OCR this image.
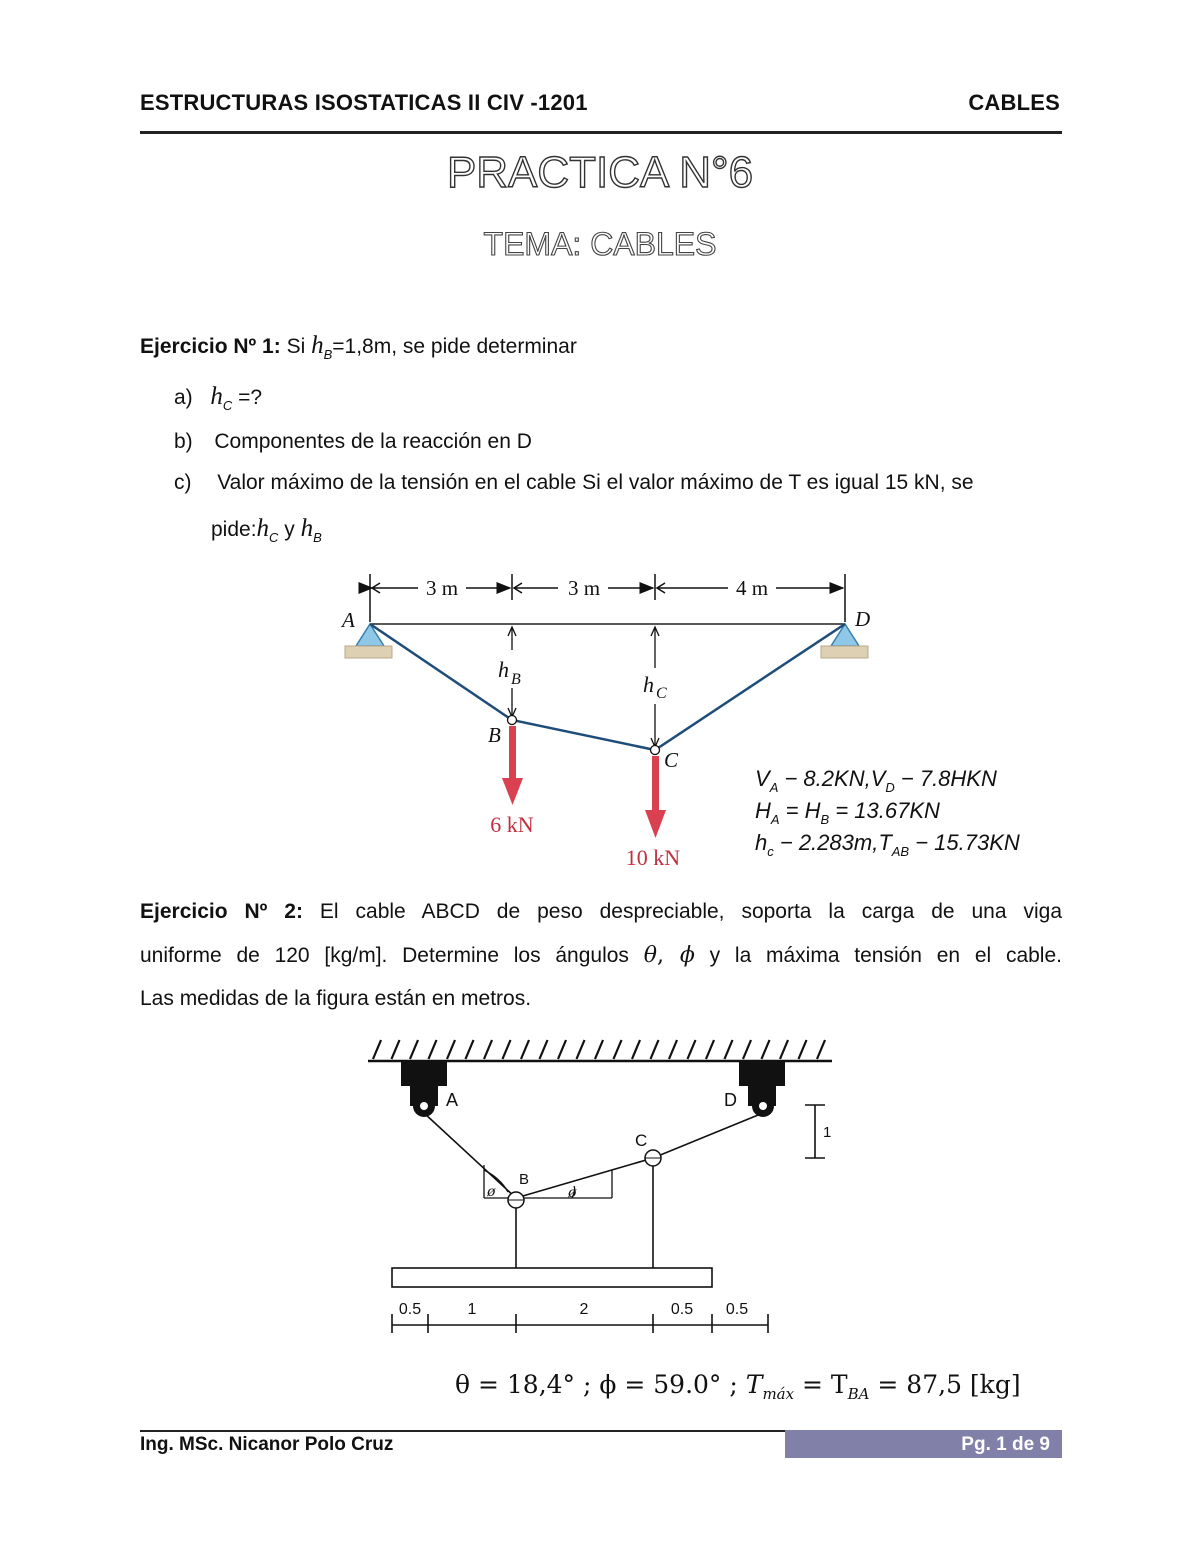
ESTRUCTURAS ISOSTATICAS II CIV -1201	CABLES
PRACTICA N°6
TEMA: CABLES
Ejercicio Nº 1: Si $h_B=1,8m$, se pide determinar
a) $h_C$ =?
b) Componentes de la reacción en D
c) Valor máximo de la tensión en el cable Si el valor máximo de T es igual 15 kN, se
$pide:h_C$ y $h_B$
3 m	3 m	4 m
h B	h C
6 kN
10 kN
A
B
C
D
$V_A - 8.2KN,V_D - 7.8HKN$
$H_A = H_B = 13.67KN$
$h_c - 2.283m,T_{AB} - 15.73KN$
Ejercicio Nº 2: El cable ABCD de peso despreciable, soporta la carga de una viga
uniforme de 120 [kg/m]. Determine los ángulos θ, ϕ y la máxima tensión en el cable.
Las medidas de la figura están en metros.
A	D
ø	ø
B
C	1
0.5	1	2	0.5 0.5
θ = 18,4° ; ϕ = 59.0° ; $T_{máx} = T_{BA} = 87,5$ [kg]
Ing. MSc. Nicanor Polo Cruz	Pg. 1 de 9
